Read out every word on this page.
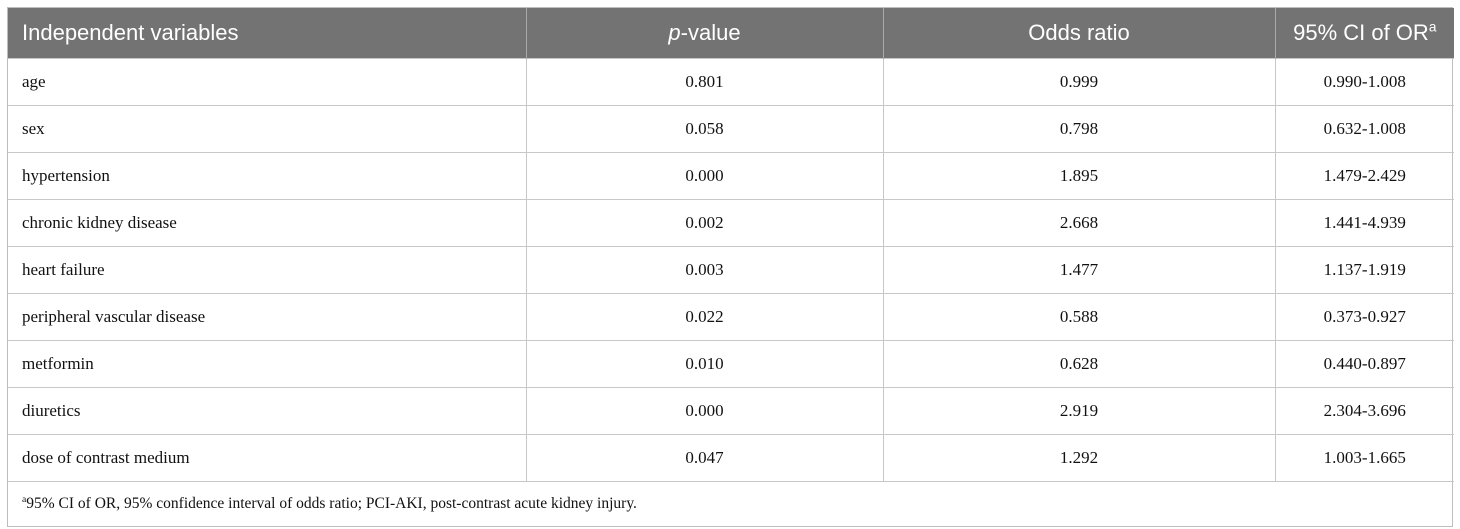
Independent variables	p-value	Odds ratio	95% CI of $OR^a$
age	0.801	0.999	0.990-1.008
sex	0.058	0.798	0.632-1.008
hypertension	0.000	1.895	1.479-2.429
chronic kidney disease	0.002	2.668	1.441-4.939
heart failure	0.003	1.477	1.137-1.919
peripheral vascular disease	0.022	0.588	0.373-0.927
metformin	0.010	0.628	0.440-0.897
diuretics	0.000	2.919	2.304-3.696
dose of contrast medium	0.047	1.292	1.003-1.665
$^a$95% CI of OR, 95% confidence interval of odds ratio; PCI-AKI, post-contrast acute kidney injury.			
